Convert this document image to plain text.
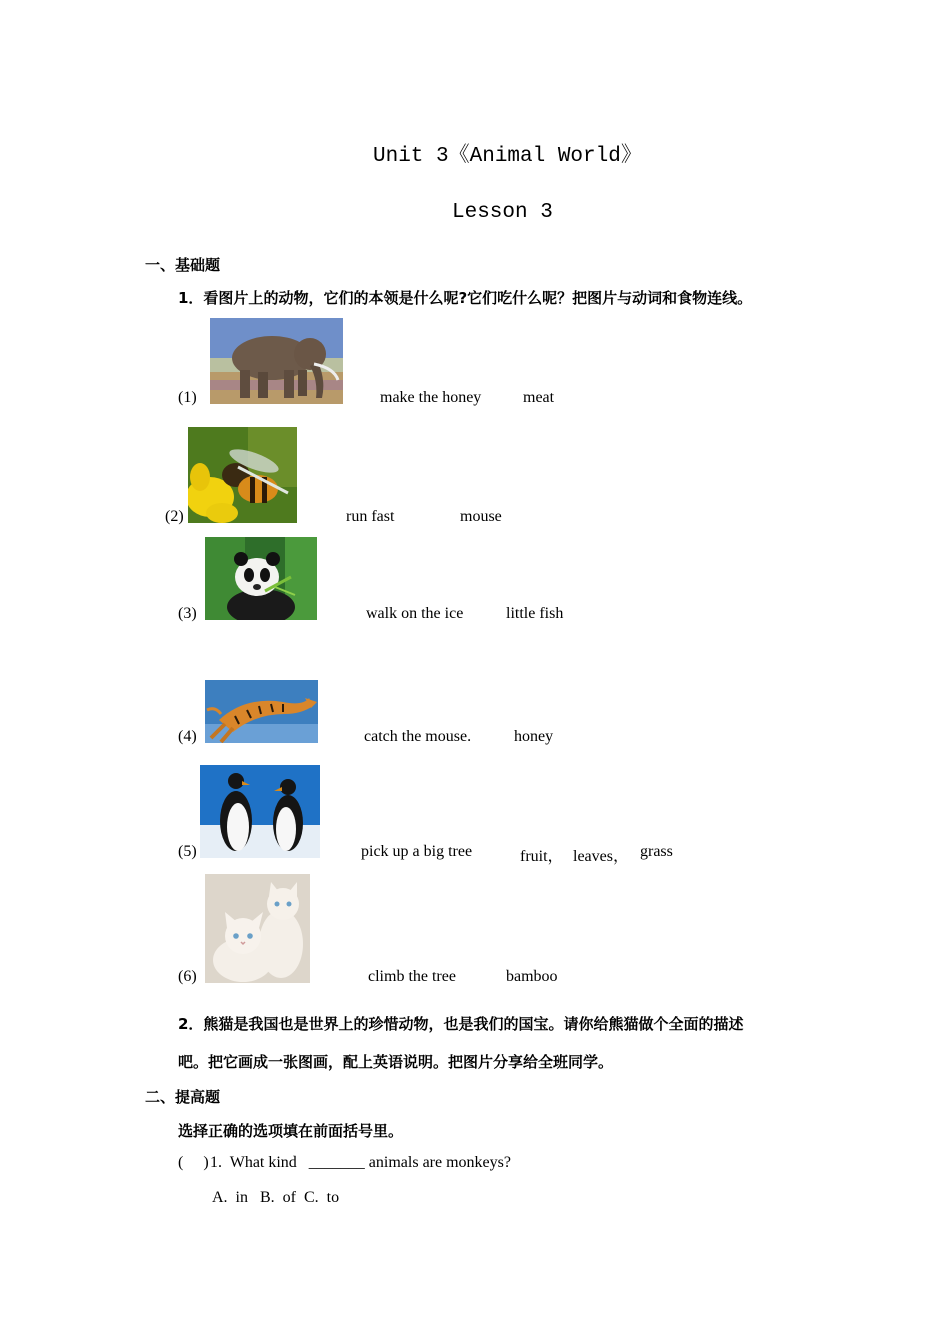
Unit 3《Animal World》
Lesson 3
一、基础题
1．看图片上的动物，它们的本领是什么呢?它们吃什么呢？把图片与动词和食物连线。
(1)	make the honey	meat
(2)	run fast	mouse
(3)	walk on the ice	little fish
(4)	catch the mouse.	honey
(5)	pick up a big tree	fruit， leaves， grass
(6)	climb the tree	bamboo
2．熊猫是我国也是世界上的珍惜动物，也是我们的国宝。请你给熊猫做个全面的描述
吧。把它画成一张图画，配上英语说明。把图片分享给全班同学。
二、提高题
选择正确的选项填在前面括号里。
(     ) 1.  What kind   _______ animals are monkeys?
A.  in   B.  of  C.  to
